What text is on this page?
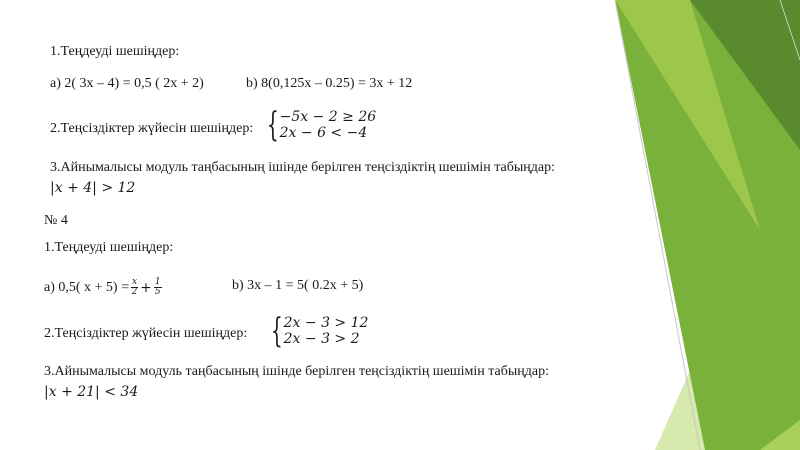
1.Теңдеуді шешіңдер:
а) 2( 3х – 4) = 0,5 ( 2х + 2)	b) 8(0,125х – 0.25) = 3х + 12
2.Теңсіздіктер жүйесін шешіңдер: { −5x − 2 ≥ 26
2x − 6 < −4
3.Айнымалысы модуль таңбасының ішінде берілген теңсіздіктің шешімін табыңдар:
|x + 4| > 12
№ 4
1.Теңдеуді шешіңдер:
а) 0,5( $х + 5) = \frac{x}{2} + \frac{1}{5}$	b) 3х – 1 = 5( 0.2х + 5)
2.Теңсіздіктер жүйесін шешіңдер: { 2x − 3 > 12
2x − 3 > 2
3.Айнымалысы модуль таңбасының ішінде берілген теңсіздіктің шешімін табыңдар:
|x + 21| < 34
